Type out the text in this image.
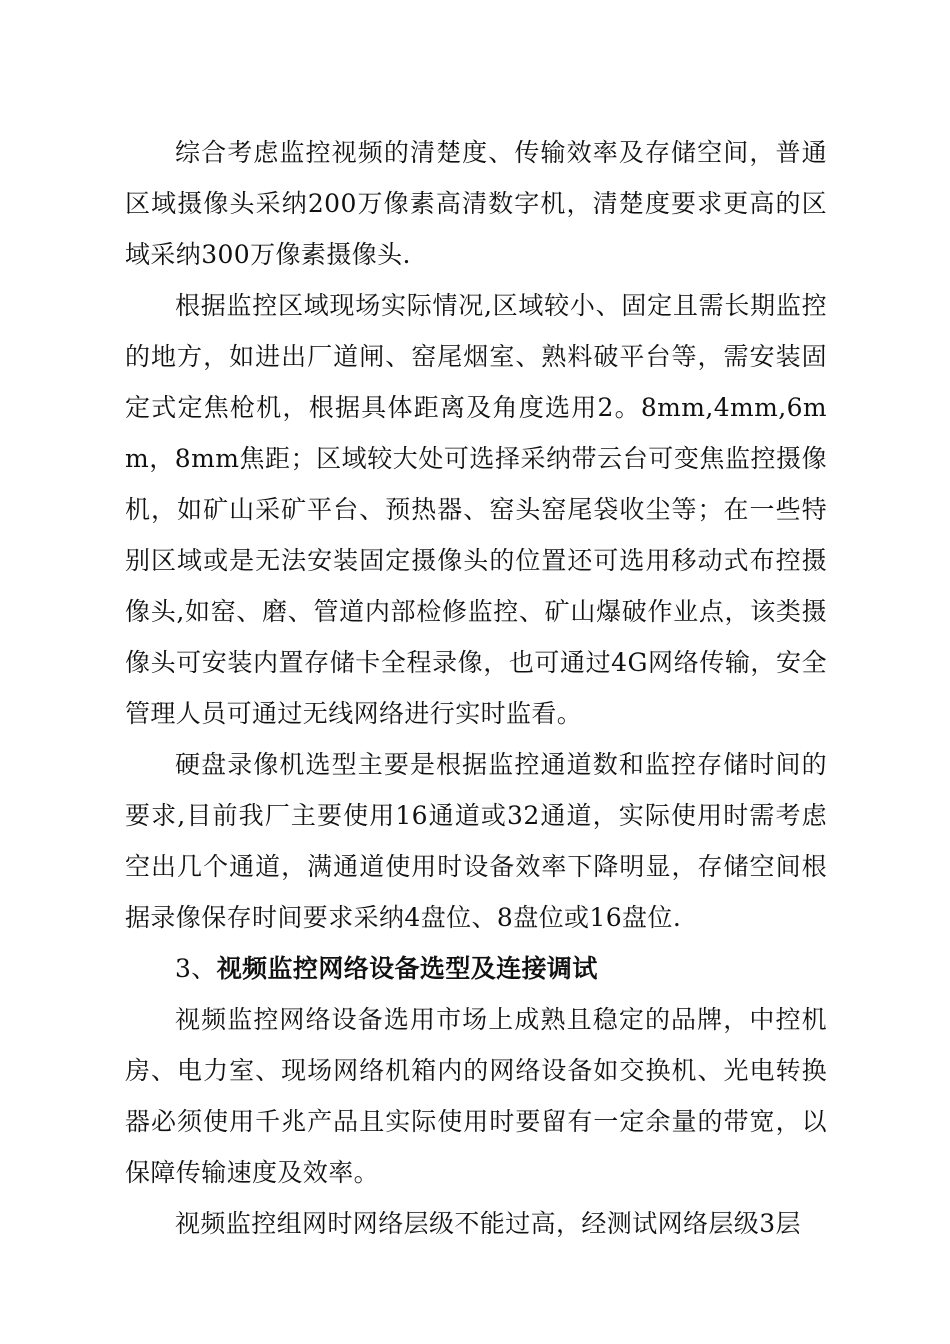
综合考虑监控视频的清楚度、传输效率及存储空间，普通区域摄像头采纳200万像素高清数字机，清楚度要求更高的区域采纳300万像素摄像头.

根据监控区域现场实际情况,区域较小、固定且需长期监控的地方，如进出厂道闸、窑尾烟室、熟料破平台等，需安装固定式定焦枪机，根据具体距离及角度选用2。8mm,4mm,6mm，8mm焦距；区域较大处可选择采纳带云台可变焦监控摄像机，如矿山采矿平台、预热器、窑头窑尾袋收尘等；在一些特别区域或是无法安装固定摄像头的位置还可选用移动式布控摄像头,如窑、磨、管道内部检修监控、矿山爆破作业点，该类摄像头可安装内置存储卡全程录像，也可通过4G网络传输，安全管理人员可通过无线网络进行实时监看。

硬盘录像机选型主要是根据监控通道数和监控存储时间的要求,目前我厂主要使用16通道或32通道，实际使用时需考虑空出几个通道，满通道使用时设备效率下降明显，存储空间根据录像保存时间要求采纳4盘位、8盘位或16盘位.

3、视频监控网络设备选型及连接调试

视频监控网络设备选用市场上成熟且稳定的品牌，中控机房、电力室、现场网络机箱内的网络设备如交换机、光电转换器必须使用千兆产品且实际使用时要留有一定余量的带宽，以保障传输速度及效率。

视频监控组网时网络层级不能过高，经测试网络层级3层
